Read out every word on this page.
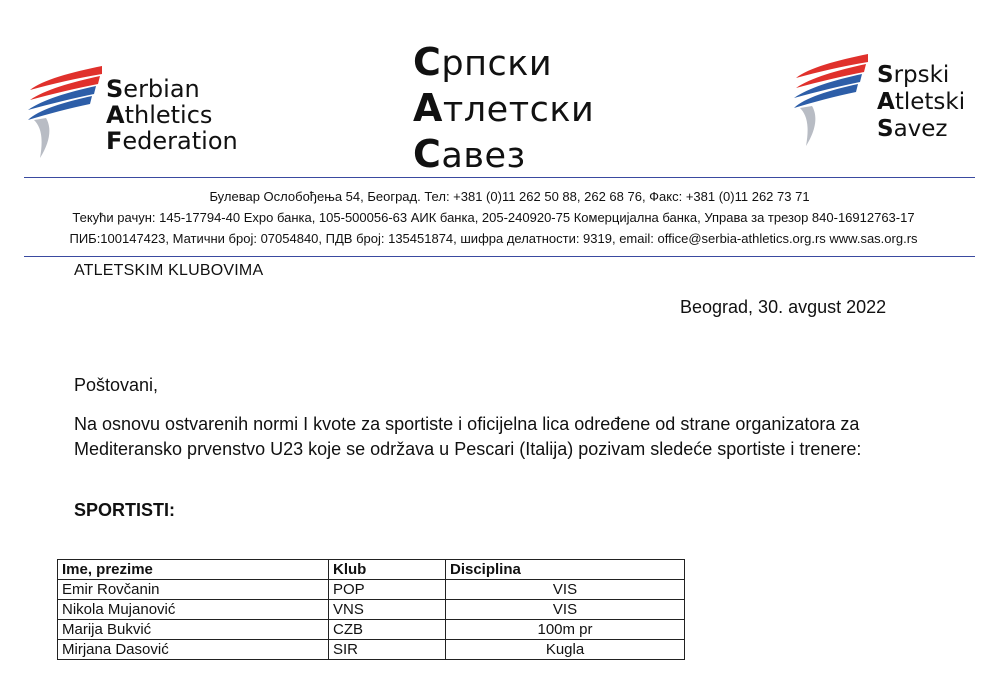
Serbian
Athletics
Federation
Српски
Атлетски
Савез
Srpski
Atletski
Savez
Булевар Ослобођења 54, Београд. Тел: +381 (0)11 262 50 88, 262 68 76, Факс: +381 (0)11 262 73 71
Текући рачун: 145-17794-40 Expo банка, 105-500056-63 АИК банка, 205-240920-75 Комерцијална банка, Управа за трезор 840-16912763-17
ПИБ:100147423, Матични број: 07054840, ПДВ број: 135451874, шифра делатности: 9319, email: office@serbia-athletics.org.rs www.sas.org.rs
ATLETSKIM KLUBOVIMA
Beograd, 30. avgust 2022
Poštovani,
Na osnovu ostvarenih normi I kvote za sportiste i oficijelna lica određene od strane organizatora za Mediteransko prvenstvo U23 koje se održava u Pescari (Italija) pozivam sledeće sportiste i trenere:
SPORTISTI:
Ime, prezime	Klub	Disciplina
Emir Rovčanin	POP	VIS
Nikola Mujanović	VNS	VIS
Marija Bukvić	CZB	100m pr
Mirjana Dasović	SIR	Kugla
